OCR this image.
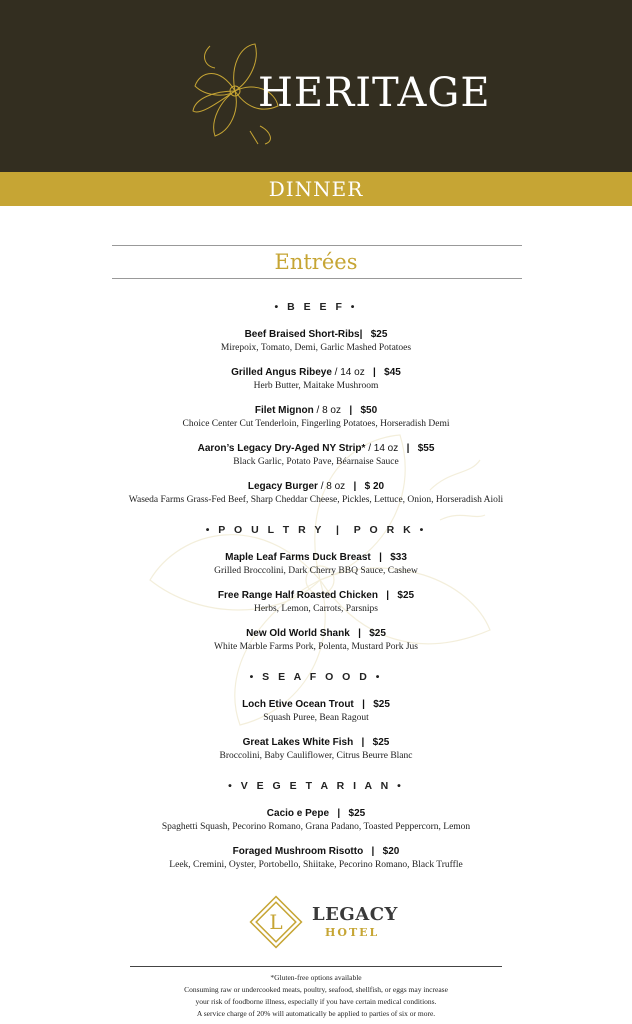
HERITAGE
DINNER
Entrées
• B E E F •
Beef Braised Short-Ribs|   $25
Mirepoix, Tomato, Demi, Garlic Mashed Potatoes
Grilled Angus Ribeye / 14 oz   |   $45
Herb Butter, Maitake Mushroom
Filet Mignon / 8 oz   |   $50
Choice Center Cut Tenderloin, Fingerling Potatoes, Horseradish Demi
Aaron’s Legacy Dry-Aged NY Strip* / 14 oz   |   $55
Black Garlic, Potato Pave, Béarnaise Sauce
Legacy Burger / 8 oz   |   $ 20
Waseda Farms Grass-Fed Beef, Sharp Cheddar Cheese, Pickles, Lettuce, Onion, Horseradish Aioli
• P O U L T R Y  |  P O R K •
Maple Leaf Farms Duck Breast   |   $33
Grilled Broccolini, Dark Cherry BBQ Sauce, Cashew
Free Range Half Roasted Chicken   |   $25
Herbs, Lemon, Carrots, Parsnips
New Old World Shank   |   $25
White Marble Farms Pork, Polenta, Mustard Pork Jus
• S E A F O O D •
Loch Etive Ocean Trout   |   $25
Squash Puree, Bean Ragout
Great Lakes White Fish   |   $25
Broccolini, Baby Cauliflower, Citrus Beurre Blanc
• V E G E T A R I A N •
Cacio e Pepe   |   $25
Spaghetti Squash, Pecorino Romano, Grana Padano, Toasted Peppercorn, Lemon
Foraged Mushroom Risotto   |   $20
Leek, Cremini, Oyster, Portobello, Shiitake, Pecorino Romano, Black Truffle
L LEGACY
HOTEL
*Gluten-free options available
Consuming raw or undercooked meats, poultry, seafood, shellfish, or eggs may increase
your risk of foodborne illness, especially if you have certain medical conditions.
A service charge of 20% will automatically be applied to parties of six or more.
